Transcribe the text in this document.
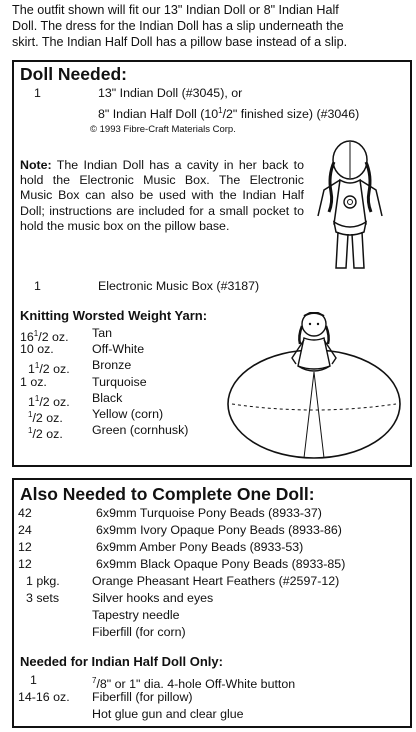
The outfit shown will fit our 13" Indian Doll or 8" Indian Half

Doll. The dress for the Indian Doll has a slip underneath the

skirt. The Indian Half Doll has a pillow base instead of a slip.

Doll Needed:
1	13" Indian Doll (#3045), or
8" Indian Half Doll ($10^1/2$" finished size) (#3046)
© 1993 Fibre-Craft Materials Corp.
Note: The Indian Doll has a cavity in her back to hold the Electronic Music Box. The Electronic Music Box can also be used with the Indian Half Doll; instructions are included for a small pocket to hold the music box on the pillow base.
1	Electronic Music Box (#3187)
Knitting Worsted Weight Yarn:
$16^1/2$ oz. Tan
10 oz.	Off-White
$1^1/2$ oz. Bronze
1 oz.	Turquoise
$1^1/2$ oz. Black
$^1$/2 oz. Yellow (corn)
$^1$/2 oz. Green (cornhusk)
Also Needed to Complete One Doll:
42	6x9mm Turquoise Pony Beads (8933-37)
24	6x9mm Ivory Opaque Pony Beads (8933-86)
12	6x9mm Amber Pony Beads (8933-53)
12	6x9mm Black Opaque Pony Beads (8933-85)
1 pkg.	Orange Pheasant Heart Feathers (#2597-12)
3 sets	Silver hooks and eyes
Tapestry needle
Fiberfill (for corn)
Needed for Indian Half Doll Only:
1	$^7$/8" or 1" dia. 4-hole Off-White button
14-16 oz. Fiberfill (for pillow)
Hot glue gun and clear glue
